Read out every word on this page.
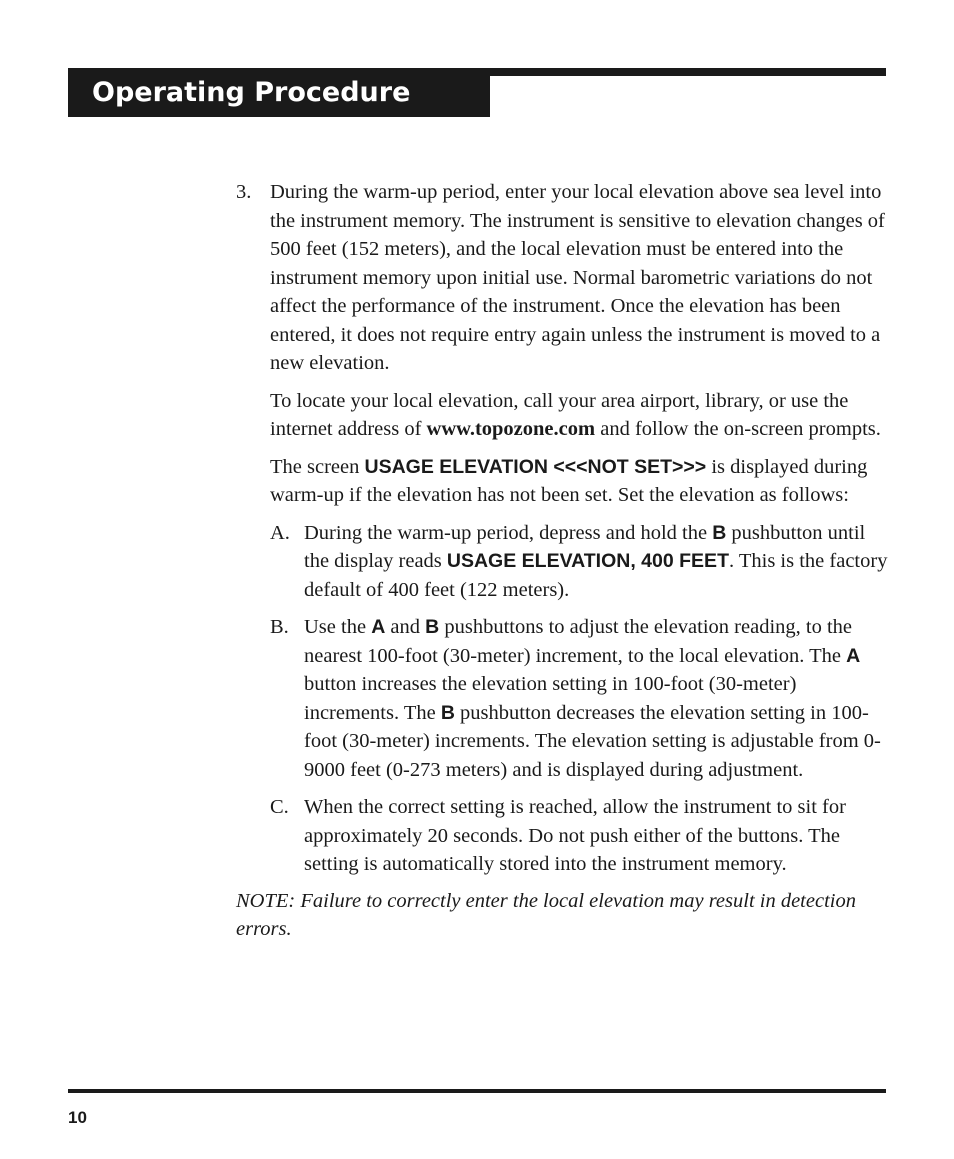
Operating Procedure

3. During the warm-up period, enter your local elevation above sea level into the instrument memory. The instrument is sensitive to elevation changes of 500 feet (152 meters), and the local elevation must be entered into the instrument memory upon initial use. Normal barometric variations do not affect the performance of the instrument. Once the elevation has been entered, it does not require entry again unless the instrument is moved to a new elevation.

To locate your local elevation, call your area airport, library, or use the internet address of www.topozone.com and follow the on-screen prompts.

The screen USAGE ELEVATION <<<NOT SET>>> is displayed during warm-up if the elevation has not been set. Set the elevation as follows:

A. During the warm-up period, depress and hold the B pushbutton until the display reads USAGE ELEVATION, 400 FEET. This is the factory default of 400 feet (122 meters).

B. Use the A and B pushbuttons to adjust the elevation reading, to the nearest 100-foot (30-meter) increment, to the local elevation. The A button increases the elevation setting in 100-foot (30-meter) increments. The B pushbutton decreases the elevation setting in 100-foot (30-meter) increments. The elevation setting is adjustable from 0-9000 feet (0-273 meters) and is displayed during adjustment.

C. When the correct setting is reached, allow the instrument to sit for approximately 20 seconds. Do not push either of the buttons. The setting is automatically stored into the instrument memory.

NOTE: Failure to correctly enter the local elevation may result in detection errors.

10
